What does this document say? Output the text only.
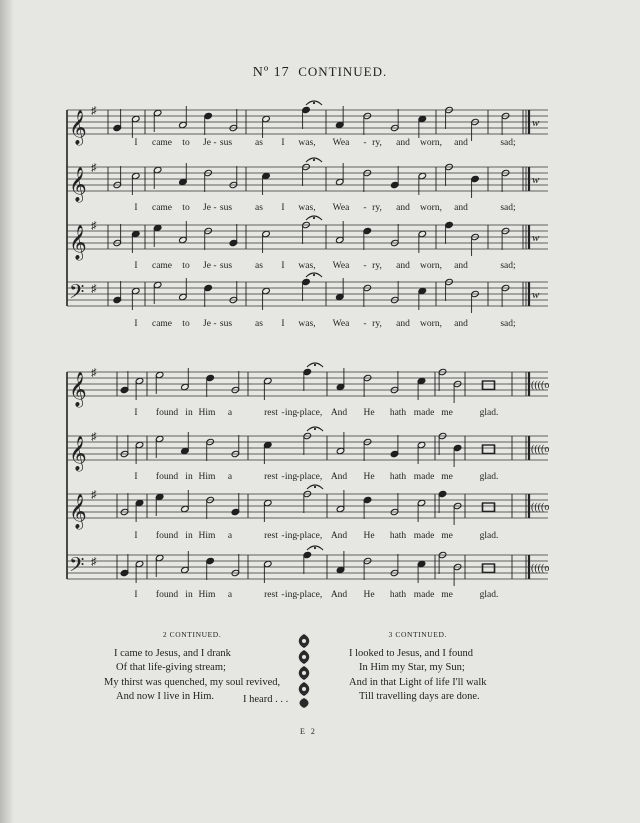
Nº 17 CONTINUED.
𝄞 ♯
w
𝄞 ♯
w
𝄞 ♯
w
𝄢 ♯	w
𝄞 ♯
((((o
𝄞 ♯
((((o
𝄞 ♯
((((o
𝄢 ♯
((((o
I came to Je - sus as I was, Wea - ry, and worn, and	sad;
I came to Je - sus as I was, Wea - ry, and worn, and	sad;
I came to Je - sus as I was, Wea - ry, and worn, and	sad;
I came to Je - sus as I was, Wea - ry, and worn, and	sad;
I found in Him a	rest - ing - place, And He hath made me	glad.
I found in Him a	rest - ing - place, And He hath made me	glad.
I found in Him a	rest - ing - place, And He hath made me	glad.
I found in Him a	rest - ing - place, And He hath made me	glad.
2 CONTINUED.
I came to Jesus, and I drank
Of that life-giving stream;
My thirst was quenched, my soul revived,
And now I live in Him.	I heard . . .
3 CONTINUED.
I looked to Jesus, and I found
In Him my Star, my Sun;
And in that Light of life I'll walk
Till travelling days are done.
E 2
